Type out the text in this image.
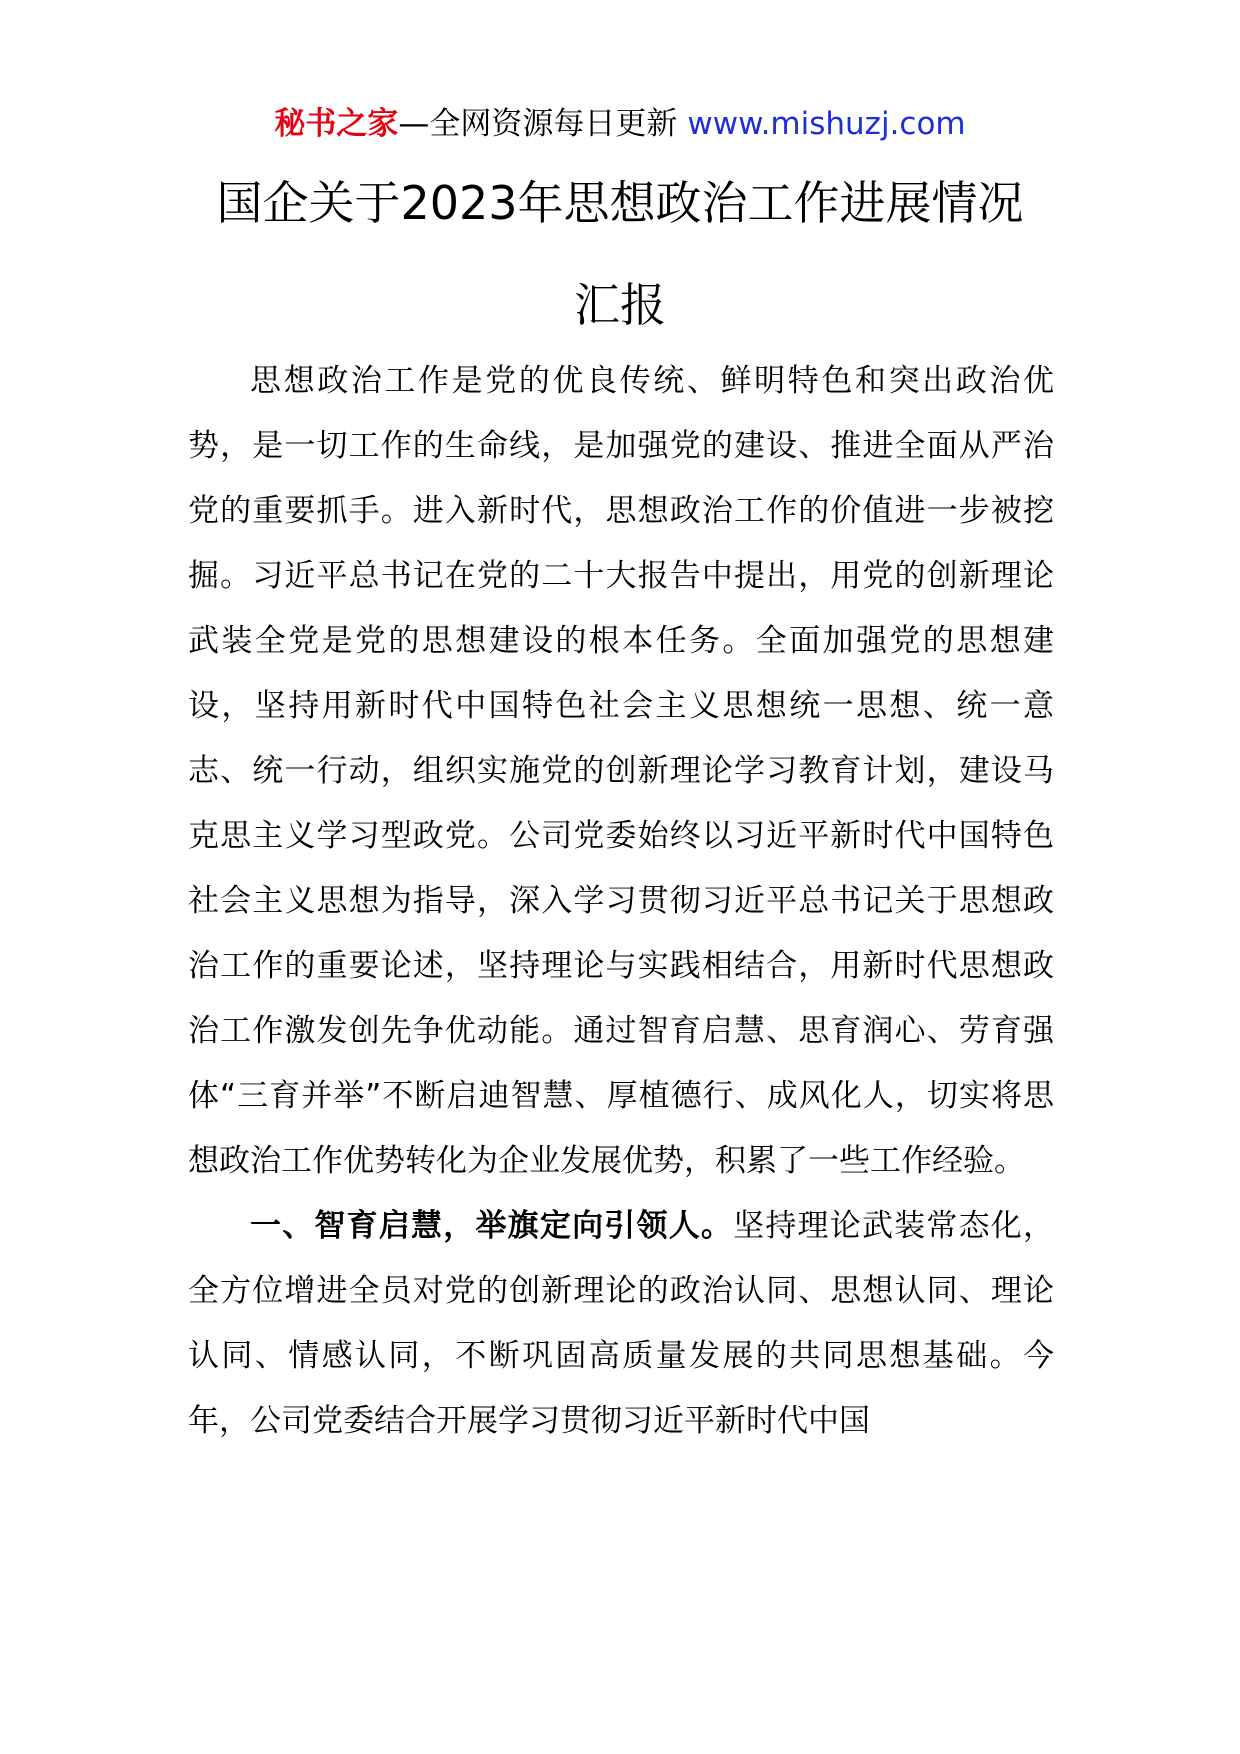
秘书之家—全网资源每日更新 www.mishuzj.com
国企关于2023年思想政治工作进展情况
汇报

思想政治工作是党的优良传统、鲜明特色和突出政治优势，是一切工作的生命线，是加强党的建设、推进全面从严治党的重要抓手。进入新时代，思想政治工作的价值进一步被挖掘。习近平总书记在党的二十大报告中提出，用党的创新理论武装全党是党的思想建设的根本任务。全面加强党的思想建设，坚持用新时代中国特色社会主义思想统一思想、统一意志、统一行动，组织实施党的创新理论学习教育计划，建设马克思主义学习型政党。公司党委始终以习近平新时代中国特色社会主义思想为指导，深入学习贯彻习近平总书记关于思想政治工作的重要论述，坚持理论与实践相结合，用新时代思想政治工作激发创先争优动能。通过智育启慧、思育润心、劳育强体“三育并举”不断启迪智慧、厚植德行、成风化人，切实将思想政治工作优势转化为企业发展优势，积累了一些工作经验。

一、智育启慧，举旗定向引领人。坚持理论武装常态化，全方位增进全员对党的创新理论的政治认同、思想认同、理论认同、情感认同，不断巩固高质量发展的共同思想基础。今年，公司党委结合开展学习贯彻习近平新时代中国
